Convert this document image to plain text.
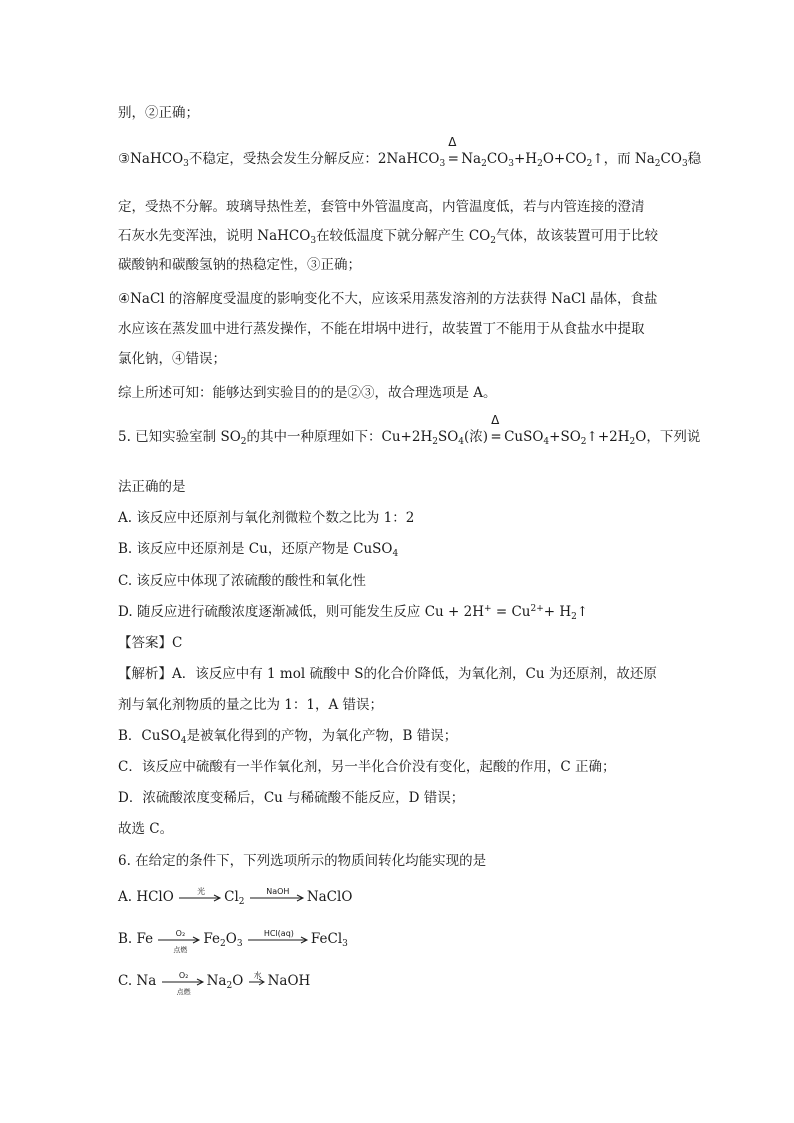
别，②正确；
③NaHCO$_3$不稳定，受热会发生分解反应：2NaHCO$_3$
Δ
= $Na_2CO_3+H_2O+CO_2↑$，而 $Na_2CO_3$稳
定，受热不分解。玻璃导热性差，套管中外管温度高，内管温度低，若与内管连接的澄清
石灰水先变浑浊，说明 NaHCO$_3$在较低温度下就分解产生 $CO_2$气体，故该装置可用于比较
碳酸钠和碳酸氢钠的热稳定性，③正确；
④NaCl 的溶解度受温度的影响变化不大，应该采用蒸发溶剂的方法获得 NaCl 晶体，食盐
水应该在蒸发皿中进行蒸发操作，不能在坩埚中进行，故装置丁不能用于从食盐水中提取
氯化钠，④错误；
综上所述可知：能够达到实验目的的是②③，故合理选项是 A。
5. 已知实验室制 $SO_2$的其中一种原理如下：$Cu+2H_2SO_4$(浓)
Δ
= $CuSO_4+SO_2↑+2H_2O$，下列说
法正确的是
A. 该反应中还原剂与氧化剂微粒个数之比为 1：2
B. 该反应中还原剂是 Cu，还原产物是 CuSO$_4$
C. 该反应中体现了浓硫酸的酸性和氧化性
D. 随反应进行硫酸浓度逐渐减低，则可能发生反应 $Cu + 2H^+ = Cu^{2+}+$ $H_2↑$
【答案】C
【解析】A．该反应中有 1 mol 硫酸中 S的化合价降低，为氧化剂，Cu 为还原剂，故还原
剂与氧化剂物质的量之比为 1：1，A 错误；
B．CuSO$_4$是被氧化得到的产物，为氧化产物，B 错误；
C．该反应中硫酸有一半作氧化剂，另一半化合价没有变化，起酸的作用，C 正确；
D．浓硫酸浓度变稀后，Cu 与稀硫酸不能反应，D 错误；
故选 C。
6. 在给定的条件下，下列选项所示的物质间转化均能实现的是
A. HClO	光	$Cl_2$
NaOH	NaClO
B. Fe	O₂
点燃
$Fe_2O_3$
HCl(aq)	FeCl$_3$
C. Na	O₂
点燃
$Na_2O$	水 NaOH
